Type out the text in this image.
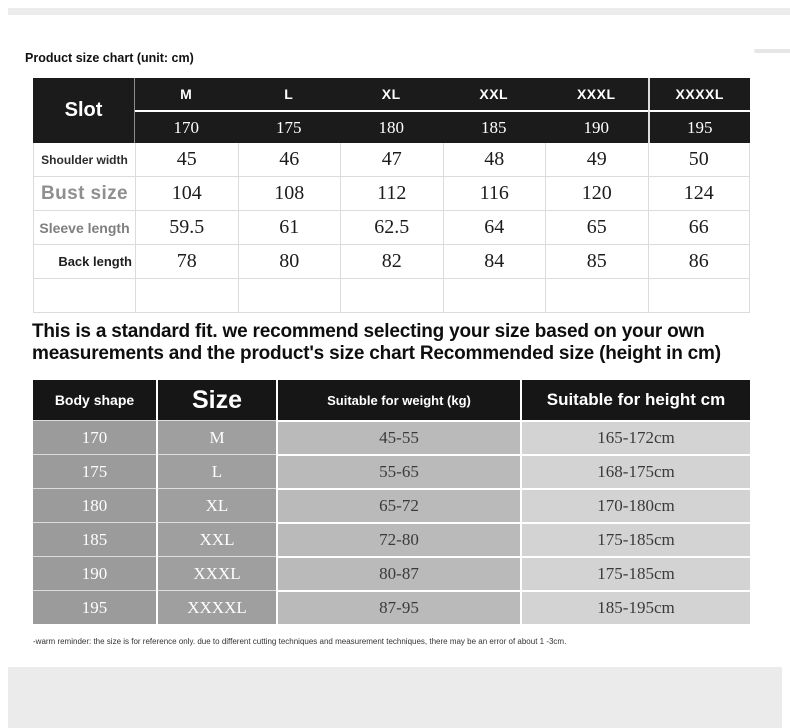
Product size chart (unit: cm)
Slot
M	L	XL	XXL	XXXL	XXXXL
170	175	180	185	190	195
Shoulder width	45	46	47	48	49	50
Bust size	104	108	112	116	120	124
Sleeve length	59.5	61	62.5	64	65	66
Back length	78	80	82	84	85	86
This is a standard fit. we recommend selecting your size based on your own
measurements and the product's size chart Recommended size (height in cm)
Body shape	Size	Suitable for weight (kg)	Suitable for height cm
170	M	45-55	165-172cm
175	L	55-65	168-175cm
180	XL	65-72	170-180cm
185	XXL	72-80	175-185cm
190	XXXL	80-87	175-185cm
195	XXXXL	87-95	185-195cm
-warm reminder: the size is for reference only. due to different cutting techniques and measurement techniques, there may be an error of about 1 -3cm.
